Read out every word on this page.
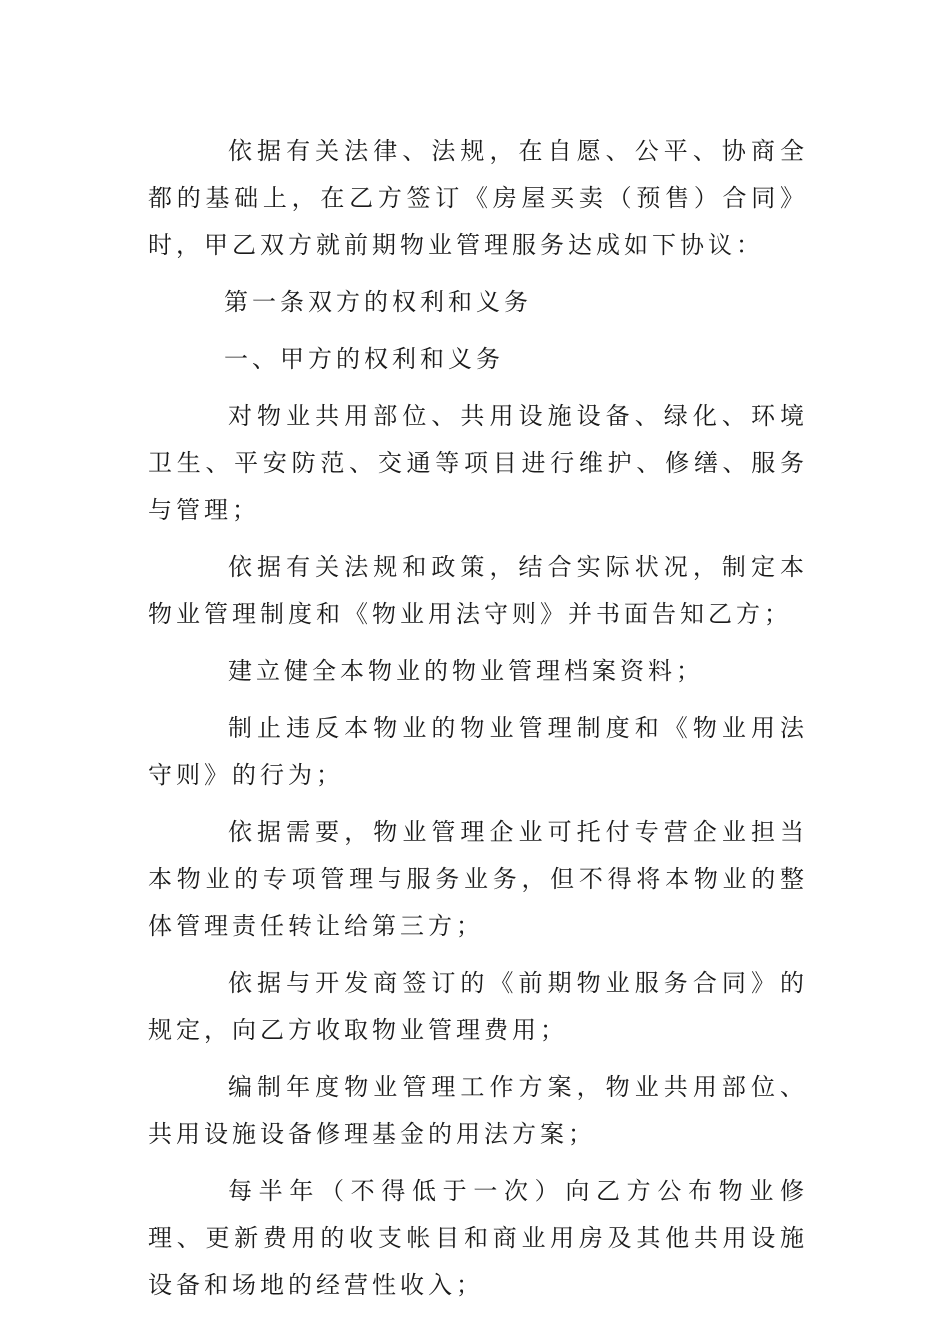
依据有关法律、法规，在自愿、公平、协商全都的基础上，在乙方签订《房屋买卖（预售）合同》时，甲乙双方就前期物业管理服务达成如下协议：

第一条双方的权利和义务

一、甲方的权利和义务

对物业共用部位、共用设施设备、绿化、环境卫生、平安防范、交通等项目进行维护、修缮、服务与管理；

依据有关法规和政策，结合实际状况，制定本物业管理制度和《物业用法守则》并书面告知乙方；

建立健全本物业的物业管理档案资料；

制止违反本物业的物业管理制度和《物业用法守则》的行为；

依据需要，物业管理企业可托付专营企业担当本物业的专项管理与服务业务，但不得将本物业的整体管理责任转让给第三方；

依据与开发商签订的《前期物业服务合同》的规定，向乙方收取物业管理费用；

编制年度物业管理工作方案，物业共用部位、共用设施设备修理基金的用法方案；

每半年（不得低于一次）向乙方公布物业修理、更新费用的收支帐目和商业用房及其他共用设施设备和场地的经营性收入；
